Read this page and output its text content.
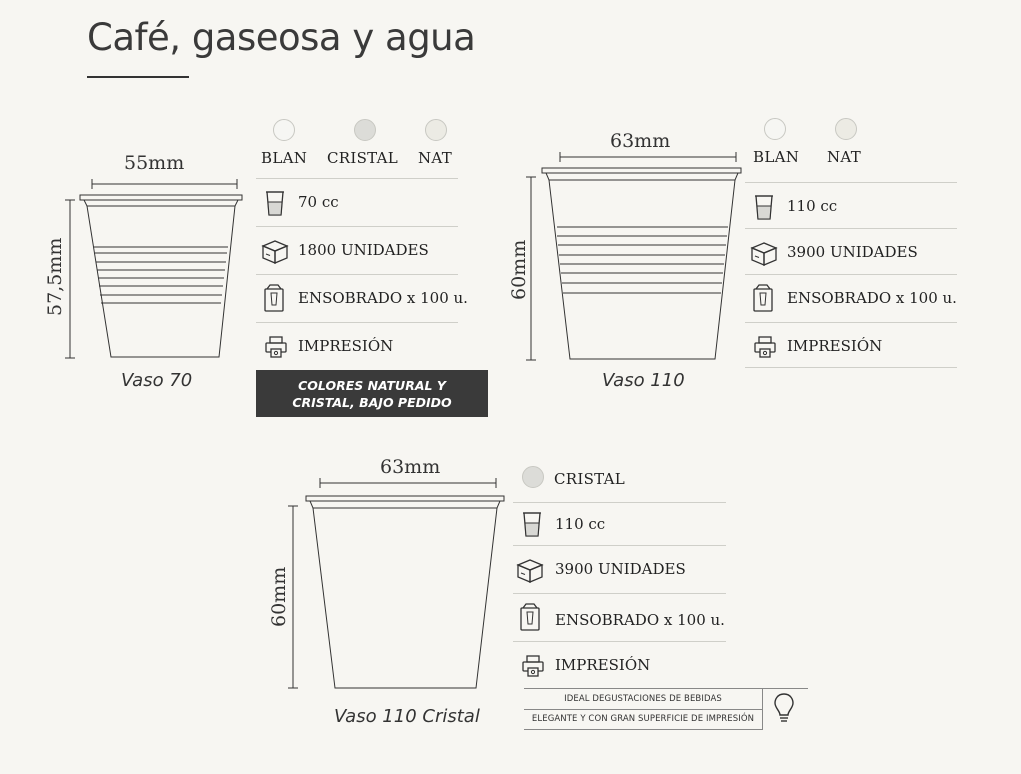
Café, gaseosa y agua
55mm
57,5mm
Vaso 70
BLAN CRISTAL NAT
70 cc
1800 UNIDADES
ENSOBRADO x 100 u.
IMPRESIÓN
COLORES NATURAL Y
CRISTAL, BAJO PEDIDO
63mm
60mm
Vaso 110
BLAN NAT
110 cc
3900 UNIDADES
ENSOBRADO x 100 u.
IMPRESIÓN
63mm
60mm
Vaso 110 Cristal
CRISTAL
110 cc
3900 UNIDADES
ENSOBRADO x 100 u.
IMPRESIÓN
IDEAL DEGUSTACIONES DE BEBIDAS
ELEGANTE Y CON GRAN SUPERFICIE DE IMPRESIÓN
